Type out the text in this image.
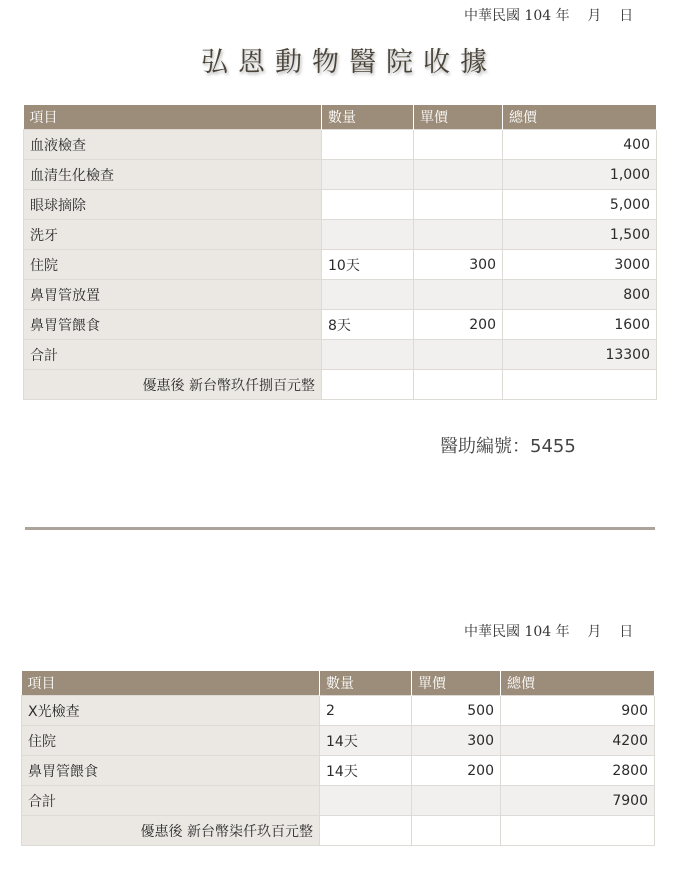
中華民國 104 年    月    日
弘恩動物醫院收據
項目	數量	單價	總價
血液檢查			400
血清生化檢查			1,000
眼球摘除			5,000
洗牙			1,500
住院	10天	300	3000
鼻胃管放置			800
鼻胃管餵食	8天	200	1600
合計			13300
優惠後 新台幣玖仟捌百元整			
醫助編號：5455
中華民國 104 年    月    日
項目	數量	單價	總價
X光檢查	2	500	900
住院	14天	300	4200
鼻胃管餵食	14天	200	2800
合計			7900
優惠後 新台幣柒仟玖百元整			
